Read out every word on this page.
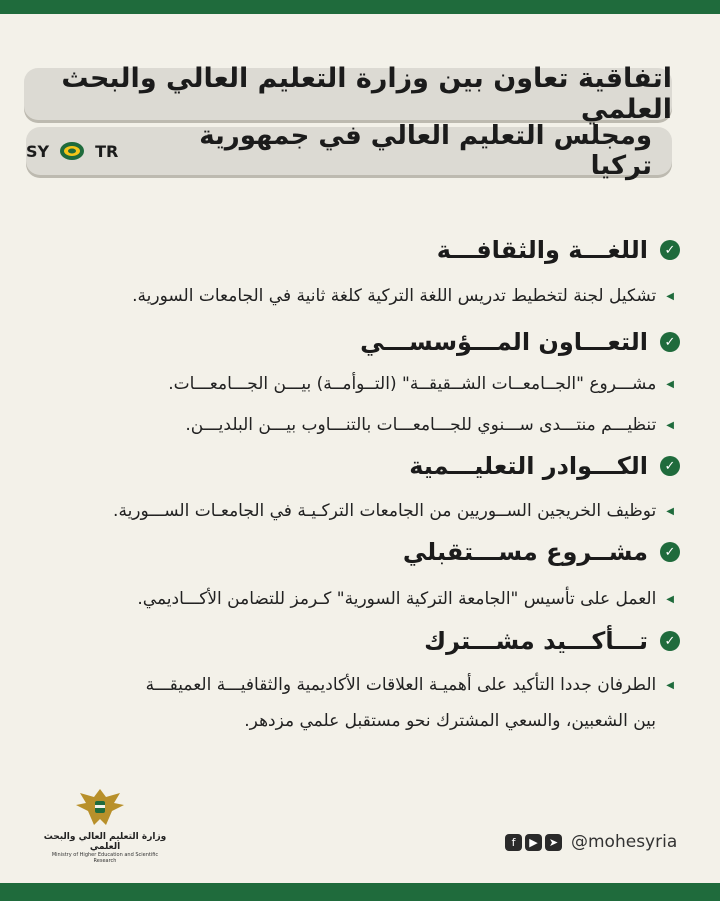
اتفاقية تعاون بين وزارة التعليم العالي والبحث العلمي
ومجلس التعليم العالي في جمهورية تركيا
SY	TR
✓
اللغـــة والثقافـــة
◀
تشكيل لجنة لتخطيط تدريس اللغة التركية كلغة ثانية في الجامعات السورية.
✓
التعـــاون المـــؤسســـي
◀
مشـــروع "الجــامعــات الشــقيقــة" (التــوأمــة) بيـــن الجـــامعـــات.
◀
تنظيـــم منتـــدى ســـنوي للجـــامعـــات بالتنـــاوب بيـــن البلديـــن.
✓
الكـــوادر التعليـــمية
◀
توظيف الخريجين الســوريين من الجامعات التركـيـة في الجامعـات الســـورية.
✓
مشــروع مســـتقبلي
◀
العمل على تأسيس "الجامعة التركية السورية" كـرمز للتضامن الأكـــاديمي.
✓
تـــأكـــيد مشـــترك
◀
الطرفان جددا التأكيد على أهميـة العلاقات الأكاديمية والثقافيـــة العميقـــة
بين الشعبين، والسعي المشترك نحو مستقبل علمي مزدهر.
وزارة التعليم العالي والبحث العلمي
Ministry of Higher Education and Scientific Research
f	▶	➤ @mohesyria
